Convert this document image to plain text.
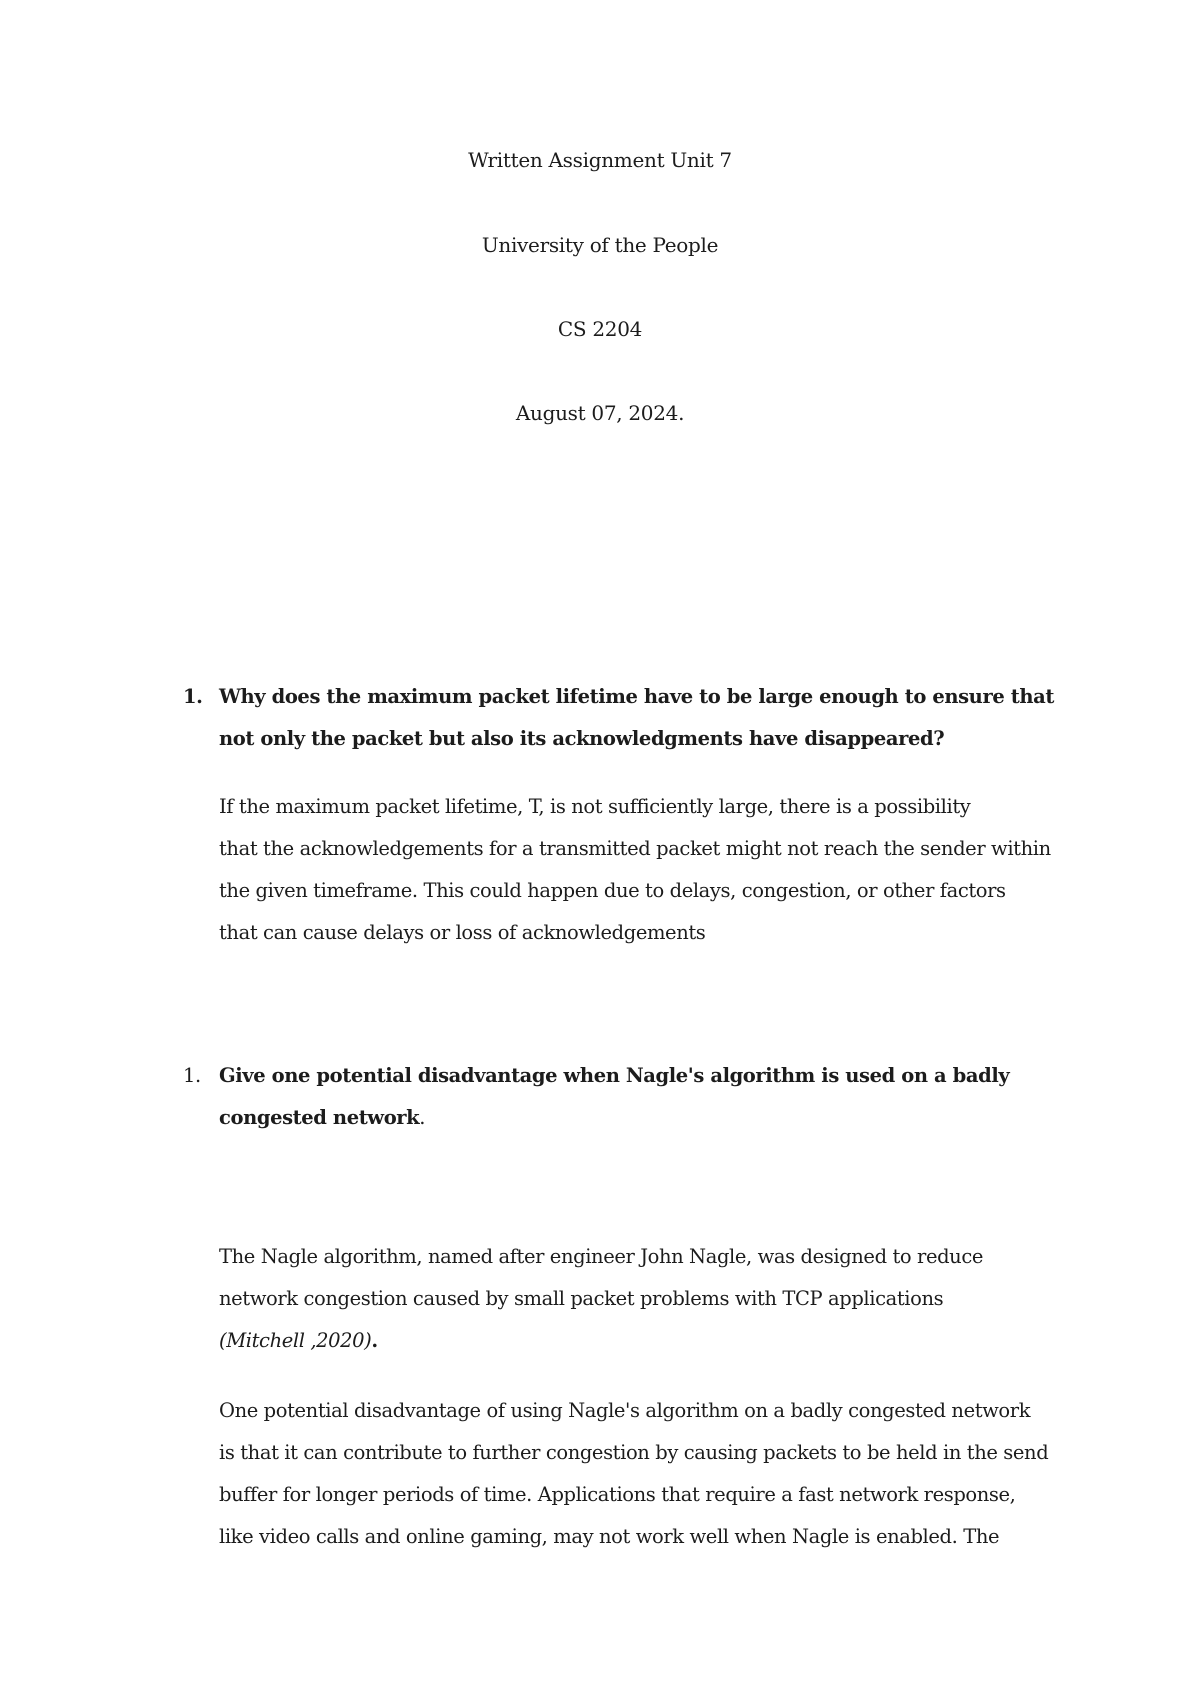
Written Assignment Unit 7
University of the People
CS 2204
August 07, 2024.
1. Why does the maximum packet lifetime have to be large enough to ensure that
not only the packet but also its acknowledgments have disappeared?
If the maximum packet lifetime, T, is not sufficiently large, there is a possibility
that the acknowledgements for a transmitted packet might not reach the sender within
the given timeframe. This could happen due to delays, congestion, or other factors
that can cause delays or loss of acknowledgements
1. Give one potential disadvantage when Nagle's algorithm is used on a badly
congested network.
The Nagle algorithm, named after engineer John Nagle, was designed to reduce
network congestion caused by small packet problems with TCP applications
(Mitchell ,2020).
One potential disadvantage of using Nagle's algorithm on a badly congested network
is that it can contribute to further congestion by causing packets to be held in the send
buffer for longer periods of time. Applications that require a fast network response,
like video calls and online gaming, may not work well when Nagle is enabled. The
